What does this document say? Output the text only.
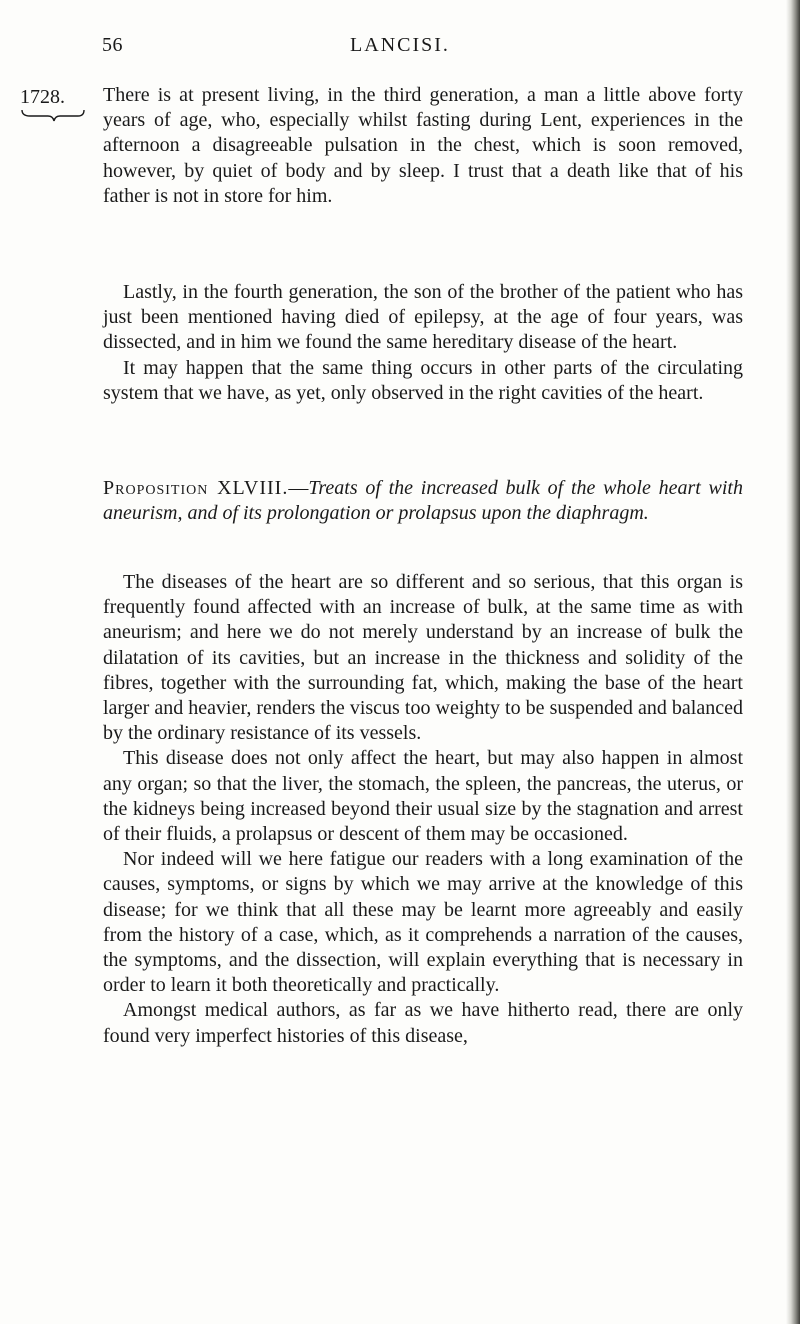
56	LANCISI.
1728. There is at present living, in the third generation, a man a little above forty years of age, who, especially whilst fasting during Lent, experiences in the afternoon a disagreeable pulsation in the chest, which is soon removed, however, by quiet of body and by sleep. I trust that a death like that of his father is not in store for him.

Lastly, in the fourth generation, the son of the brother of the patient who has just been mentioned having died of epilepsy, at the age of four years, was dissected, and in him we found the same hereditary disease of the heart.

It may happen that the same thing occurs in other parts of the circulating system that we have, as yet, only observed in the right cavities of the heart.

Proposition XLVIII.—Treats of the increased bulk of the whole heart with aneurism, and of its prolongation or prolapsus upon the diaphragm.

The diseases of the heart are so different and so serious, that this organ is frequently found affected with an increase of bulk, at the same time as with aneurism; and here we do not merely understand by an increase of bulk the dilatation of its cavities, but an increase in the thickness and solidity of the fibres, together with the surrounding fat, which, making the base of the heart larger and heavier, renders the viscus too weighty to be suspended and balanced by the ordinary resistance of its vessels.

This disease does not only affect the heart, but may also happen in almost any organ; so that the liver, the stomach, the spleen, the pancreas, the uterus, or the kidneys being increased beyond their usual size by the stagnation and arrest of their fluids, a prolapsus or descent of them may be occasioned.

Nor indeed will we here fatigue our readers with a long examination of the causes, symptoms, or signs by which we may arrive at the knowledge of this disease; for we think that all these may be learnt more agreeably and easily from the history of a case, which, as it comprehends a narration of the causes, the symptoms, and the dissection, will explain everything that is necessary in order to learn it both theoretically and practically.

Amongst medical authors, as far as we have hitherto read, there are only found very imperfect histories of this disease,
